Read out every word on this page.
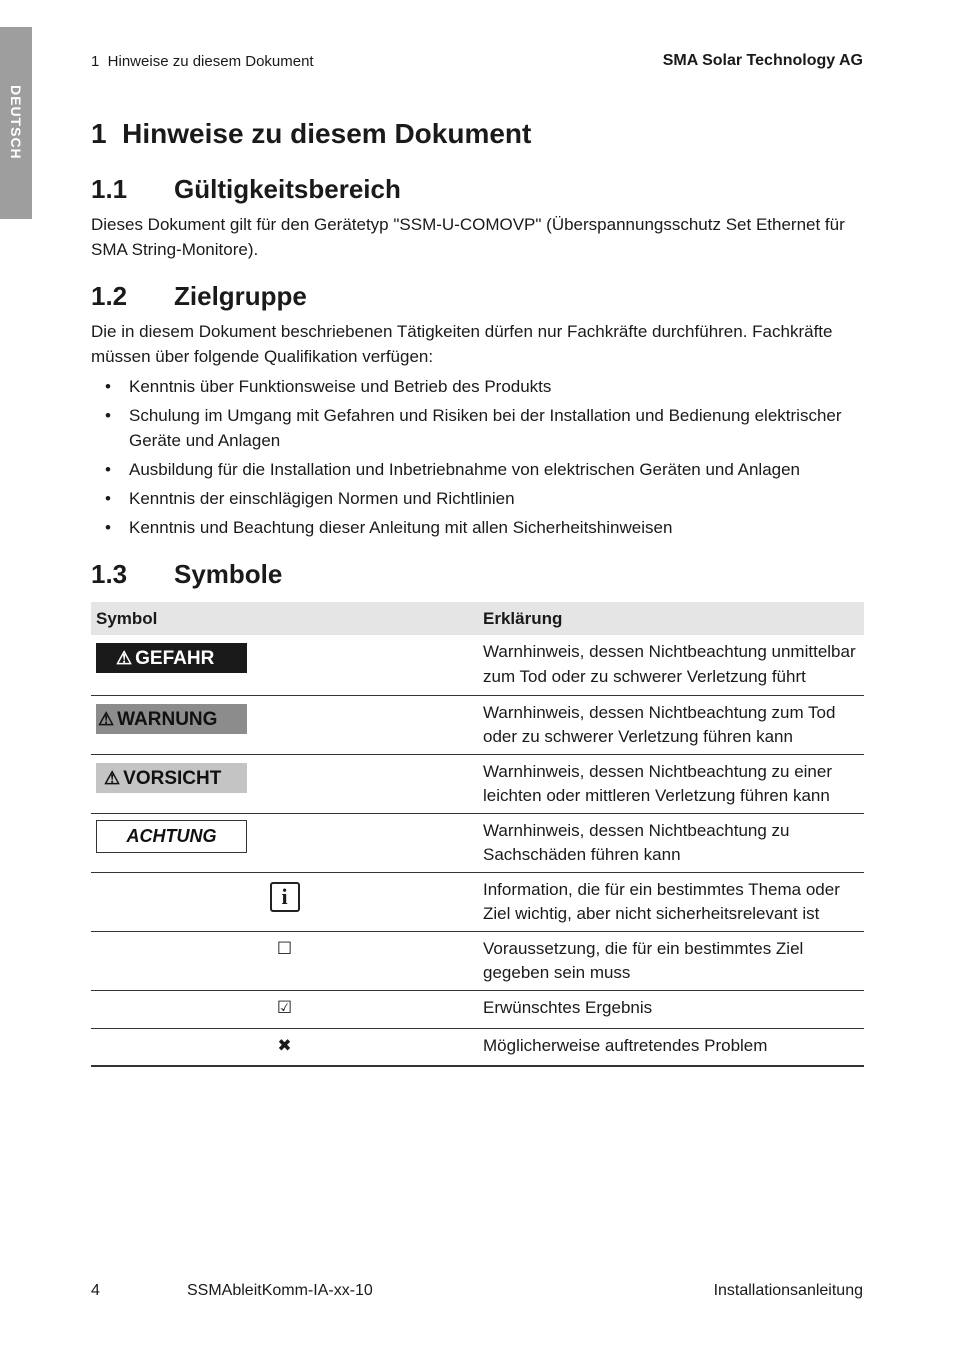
DEUTSCH
1  Hinweise zu diesem Dokument	SMA Solar Technology AG
1  Hinweise zu diesem Dokument
1.1 Gültigkeitsbereich

Dieses Dokument gilt für den Gerätetyp "SSM-U-COMOVP" (Überspannungsschutz Set Ethernet für SMA String-Monitore).

1.2 Zielgruppe

Die in diesem Dokument beschriebenen Tätigkeiten dürfen nur Fachkräfte durchführen. Fachkräfte müssen über folgende Qualifikation verfügen:

• Kenntnis über Funktionsweise und Betrieb des Produkts
• Schulung im Umgang mit Gefahren und Risiken bei der Installation und Bedienung elektrischer Geräte und Anlagen
• Ausbildung für die Installation und Inbetriebnahme von elektrischen Geräten und Anlagen
• Kenntnis der einschlägigen Normen und Richtlinien
• Kenntnis und Beachtung dieser Anleitung mit allen Sicherheitshinweisen
1.3 Symbole
Symbol	Erklärung
⚠ GEFAHR	Warnhinweis, dessen Nichtbeachtung unmittelbar zum Tod oder zu schwerer Verletzung führt
⚠ WARNUNG	Warnhinweis, dessen Nichtbeachtung zum Tod oder zu schwerer Verletzung führen kann
⚠ VORSICHT	Warnhinweis, dessen Nichtbeachtung zu einer leichten oder mittleren Verletzung führen kann
ACHTUNG	Warnhinweis, dessen Nichtbeachtung zu Sachschäden führen kann
i	Information, die für ein bestimmtes Thema oder Ziel wichtig, aber nicht sicherheitsrelevant ist
☐	Voraussetzung, die für ein bestimmtes Ziel gegeben sein muss
☑	Erwünschtes Ergebnis
✖	Möglicherweise auftretendes Problem
4	SSMAbleitKomm-IA-xx-10	Installationsanleitung
